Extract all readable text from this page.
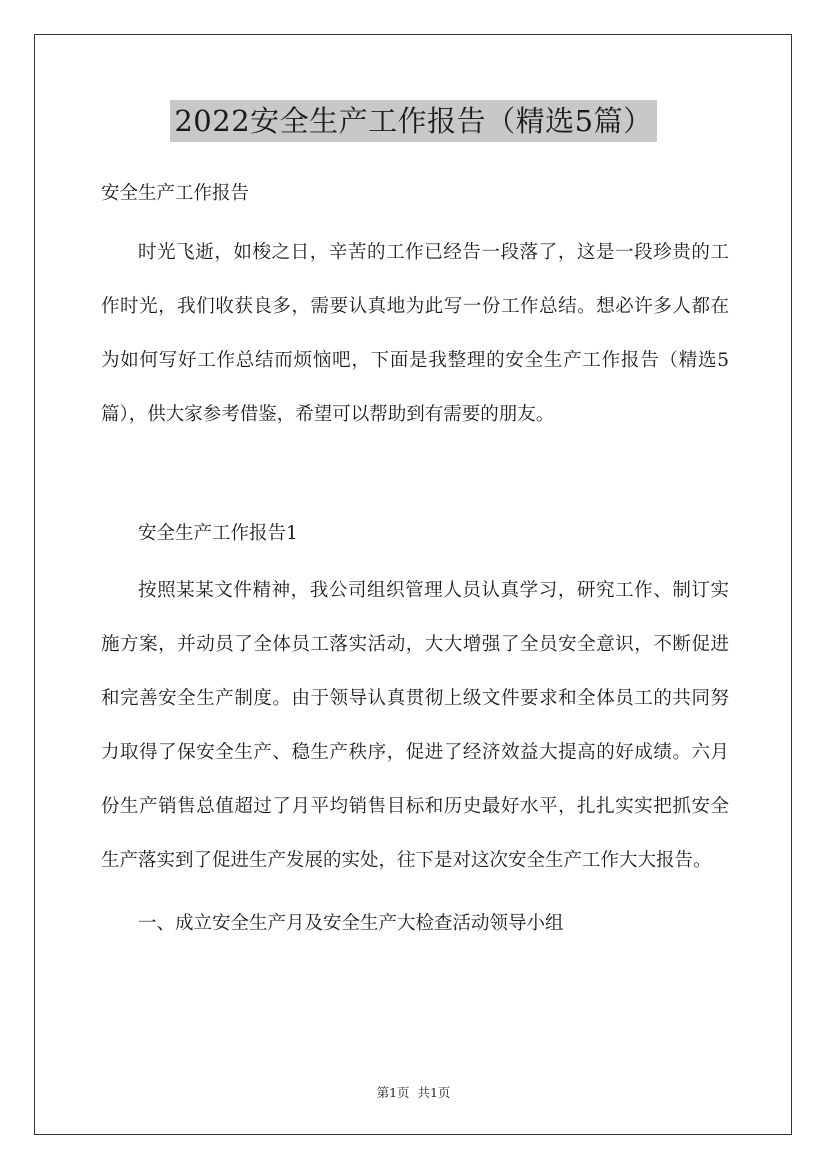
2022安全生产工作报告（精选5篇）

安全生产工作报告

时光飞逝，如梭之日，辛苦的工作已经告一段落了，这是一段珍贵的工作时光，我们收获良多，需要认真地为此写一份工作总结。想必许多人都在为如何写好工作总结而烦恼吧，下面是我整理的安全生产工作报告（精选5篇），供大家参考借鉴，希望可以帮助到有需要的朋友。

安全生产工作报告1

按照某某文件精神，我公司组织管理人员认真学习，研究工作、制订实施方案，并动员了全体员工落实活动，大大增强了全员安全意识，不断促进和完善安全生产制度。由于领导认真贯彻上级文件要求和全体员工的共同努力取得了保安全生产、稳生产秩序，促进了经济效益大提高的好成绩。六月份生产销售总值超过了月平均销售目标和历史最好水平，扎扎实实把抓安全生产落实到了促进生产发展的实处，往下是对这次安全生产工作大大报告。

一、成立安全生产月及安全生产大检查活动领导小组

第1页  共1页
